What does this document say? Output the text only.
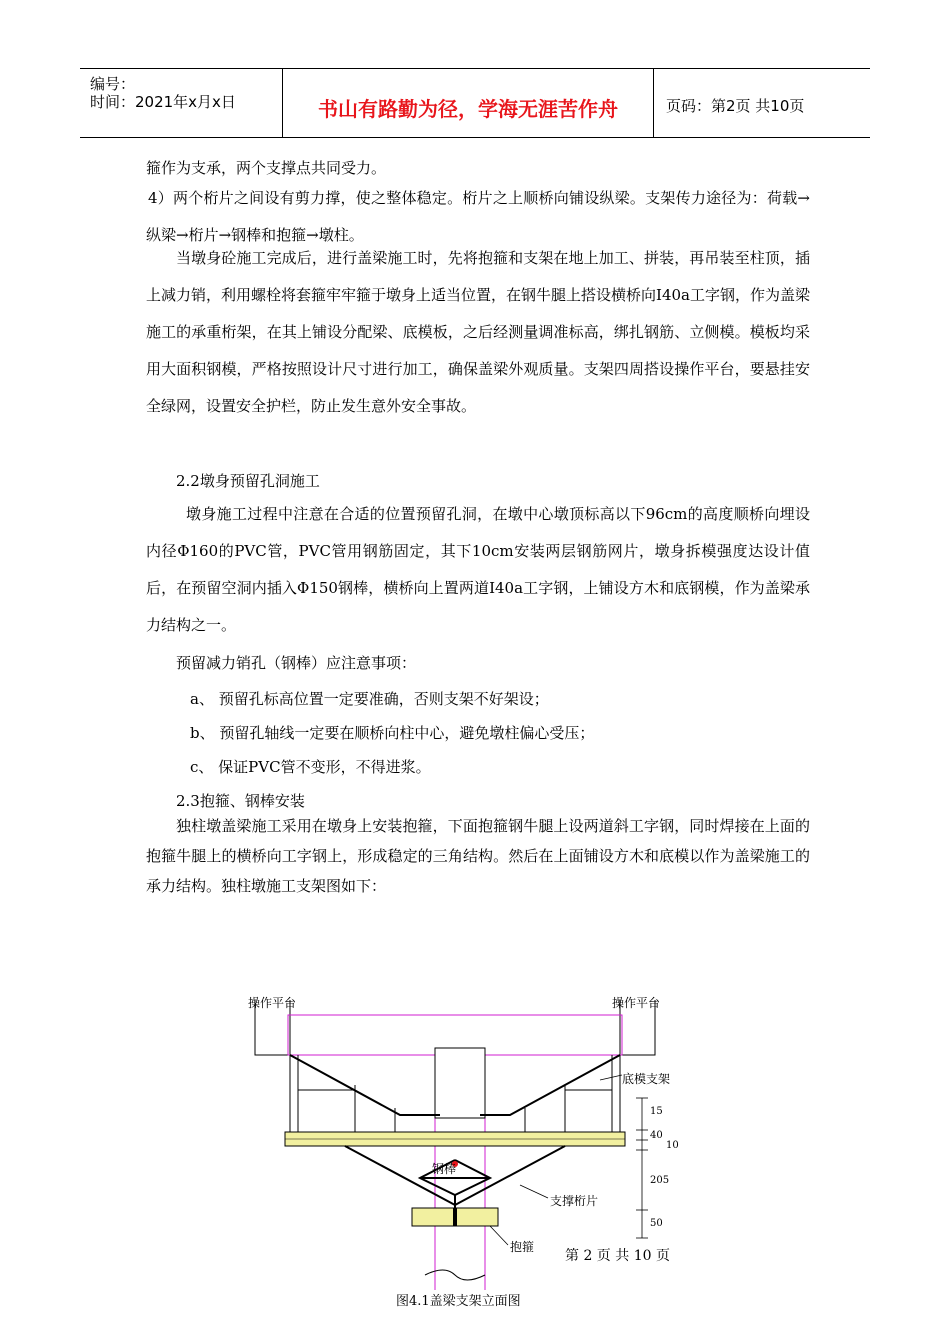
编号：
时间：2021年x月x日	书山有路勤为径，学海无涯苦作舟	页码：第2页 共10页

箍作为支承，两个支撑点共同受力。

4）两个桁片之间设有剪力撑，使之整体稳定。桁片之上顺桥向铺设纵梁。支架传力途径为：荷载→纵梁→桁片→钢棒和抱箍→墩柱。

当墩身砼施工完成后，进行盖梁施工时，先将抱箍和支架在地上加工、拼装，再吊装至柱顶，插上减力销，利用螺栓将套箍牢牢箍于墩身上适当位置，在钢牛腿上搭设横桥向I40a工字钢，作为盖梁施工的承重桁架，在其上铺设分配梁、底模板，之后经测量调准标高，绑扎钢筋、立侧模。模板均采用大面积钢模，严格按照设计尺寸进行加工，确保盖梁外观质量。支架四周搭设操作平台，要悬挂安全绿网，设置安全护栏，防止发生意外安全事故。

2.2墩身预留孔洞施工

墩身施工过程中注意在合适的位置预留孔洞，在墩中心墩顶标高以下96cm的高度顺桥向埋设内径Φ160的PVC管，PVC管用钢筋固定，其下10cm安装两层钢筋网片，墩身拆模强度达设计值后，在预留空洞内插入Φ150钢棒，横桥向上置两道I40a工字钢，上铺设方木和底钢模，作为盖梁承力结构之一。

预留减力销孔（钢棒）应注意事项：
a、 预留孔标高位置一定要准确，否则支架不好架设；
b、 预留孔轴线一定要在顺桥向柱中心，避免墩柱偏心受压；
c、 保证PVC管不变形，不得进浆。
2.3抱箍、钢棒安装

独柱墩盖梁施工采用在墩身上安装抱箍，下面抱箍钢牛腿上设两道斜工字钢，同时焊接在上面的抱箍牛腿上的横桥向工字钢上，形成稳定的三角结构。然后在上面铺设方木和底模以作为盖梁施工的承力结构。独柱墩施工支架图如下：

操作平台	操作平台
底模支架
钢棒
支撑桁片
抱箍
15
40
10
205
50
第 2 页 共 10 页
图4.1盖梁支架立面图
